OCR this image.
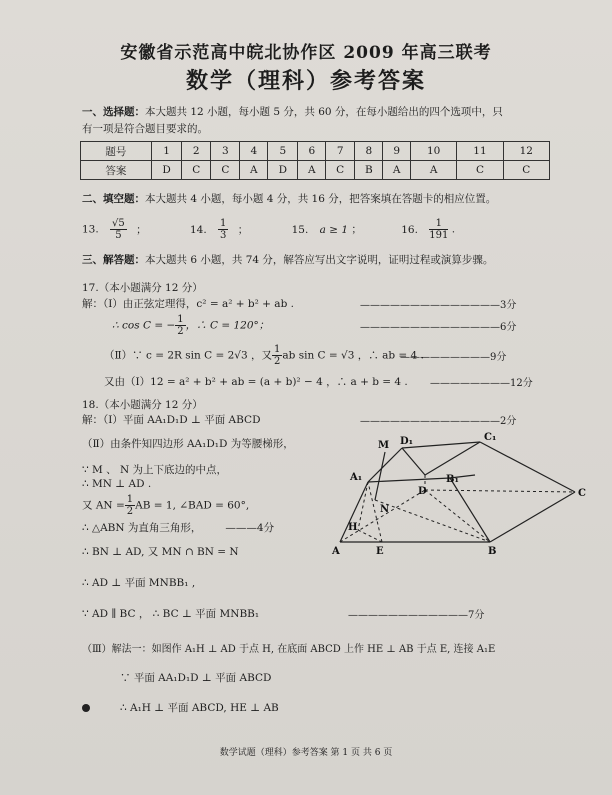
安徽省示范高中皖北协作区 2009 年高三联考
数学（理科）参考答案
一、选择题：本大题共 12 小题，每小题 5 分，共 60 分，在每小题给出的四个选项中，只
有一项是符合题目要求的。
题号	1	2	3	4	5	6	7	8	9	10	11	12
答案	D	C	C	A	D	A	C	B	A	A	C	C
二、填空题：本大题共 4 小题，每小题 4 分，共 16 分，把答案填在答题卡的相应位置。
13. $\frac{√5}{5}$ ；	14. $\frac{1}{3}$ ；	15. a ≥ 1 ；	16. $\frac{1}{191}$ .
三、解答题：本大题共 6 小题，共 74 分，解答应写出文字说明，证明过程或演算步骤。
17.（本小题满分 12 分）
解：（Ⅰ）由正弦定理得，c² = a² + b² + ab .	——————————————3分
∴ cos C = − $\frac{1}{2}$ ，∴ C = 120°；	——————————————6分
（Ⅱ）∵ c = 2R sin C = 2√3 ，又 $\frac{1}{2}$ ab sin C = √3 ，∴ ab = 4 .
—————————9分
又由（Ⅰ）12 = a² + b² + ab = (a + b)² − 4 ，∴ a + b = 4 . ————————12分
18.（本小题满分 12 分）
解：（Ⅰ）平面 AA₁D₁D ⊥ 平面 ABCD	——————————————2分
（Ⅱ）由条件知四边形 AA₁D₁D 为等腰梯形，
∵ M 、 N 为上下底边的中点，
∴ MN ⊥ AD .
又 AN = $\frac{1}{2}$ AB = 1, ∠BAD = 60°,
∴ △ABN 为直角三角形， ———4分
∴ BN ⊥ AD, 又 MN ∩ BN = N
∴ AD ⊥ 平面 MNBB₁ ,
∵ AD ∥ BC ， ∴ BC ⊥ 平面 MNBB₁	————————————7分
（Ⅲ）解法一：如图作 A₁H ⊥ AD 于点 H, 在底面 ABCD 上作 HE ⊥ AB 于点 E, 连接 A₁E
∵ 平面 AA₁D₁D ⊥ 平面 ABCD
∴ A₁H ⊥ 平面 ABCD, HE ⊥ AB
M D₁	C₁
A₁	B₁
D	C
N
H
A	E	B
数学试题（理科）参考答案 第 1 页 共 6 页
